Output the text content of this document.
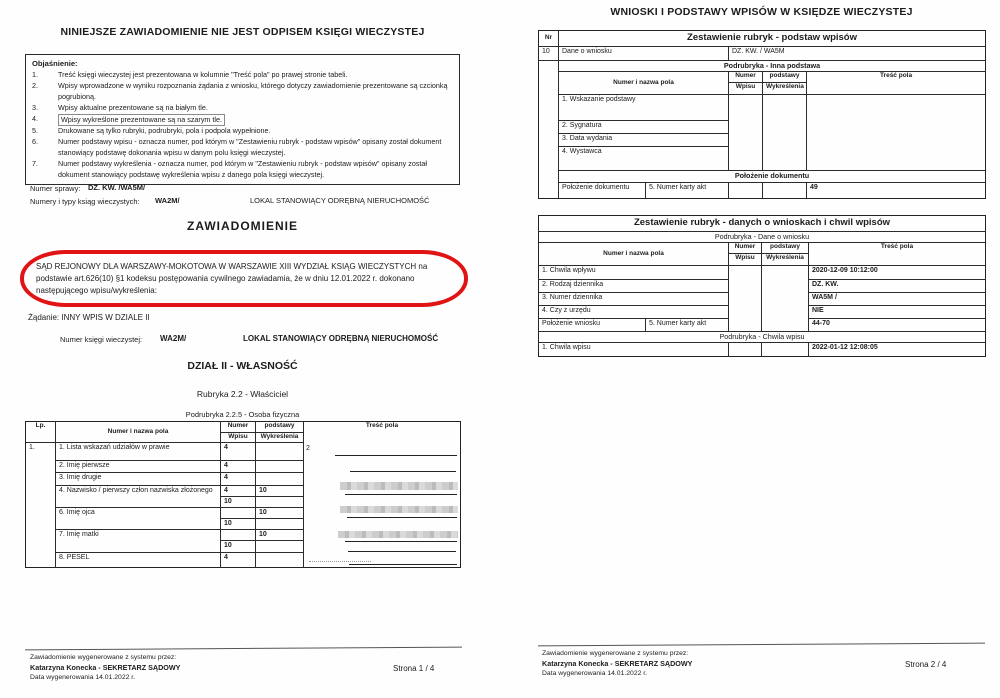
NINIEJSZE ZAWIADOMIENIE NIE JEST ODPISEM KSIĘGI WIECZYSTEJ
Objaśnienie:
1.	Treść księgi wieczystej jest prezentowana w kolumnie "Treść pola" po prawej stronie tabeli.
2.	Wpisy wprowadzone w wyniku rozpoznania żądania z wniosku, którego dotyczy zawiadomienie prezentowane są czcionką pogrubioną.
3.	Wpisy aktualne prezentowane są na białym tle.
4.	Wpisy wykreślone prezentowane są na szarym tle.
5.	Drukowane są tylko rubryki, podrubryki, pola i podpola wypełnione.
6.	Numer podstawy wpisu - oznacza numer, pod którym w "Zestawieniu rubryk - podstaw wpisów" opisany został dokument stanowiący podstawę dokonania wpisu w danym polu księgi wieczystej.
7.	Numer podstawy wykreślenia - oznacza numer, pod którym w "Zestawieniu rubryk - podstaw wpisów" opisany został dokument stanowiący podstawę wykreślenia wpisu z danego pola księgi wieczystej.
Numer sprawy: DZ. KW. /WA5M/
Numery i typy ksiąg wieczystych: WA2M/	LOKAL STANOWIĄCY ODRĘBNĄ NIERUCHOMOŚĆ
ZAWIADOMIENIE
SĄD REJONOWY DLA WARSZAWY-MOKOTOWA W WARSZAWIE XIII WYDZIAŁ KSIĄG WIECZYSTYCH na podstawie art.626(10) §1 kodeksu postępowania cywilnego zawiadamia, że w dniu 12.01.2022 r. dokonano następującego wpisu/wykreślenia:
Żądanie: INNY WPIS W DZIALE II
Numer księgi wieczystej: WA2M/	LOKAL STANOWIĄCY ODRĘBNĄ NIERUCHOMOŚĆ
DZIAŁ II - WŁASNOŚĆ
Rubryka 2.2 - Właściciel
Podrubryka 2.2.5 - Osoba fizyczna
Lp.	Numer i nazwa pola	Numer	podstawy	Treść pola
		Wpisu	Wykreślenia	
1.	1. Lista wskazań udziałów w prawie	4		2

	2. Imię pierwsze	4		
	3. Imię drugie	4		
	4. Nazwisko / pierwszy człon nazwiska złożonego	4	10	
		10		
	6. Imię ojca		10	
		10		
	7. Imię matki		10	
		10		
	8. PESEL	4		
Zawiadomienie wygenerowane z systemu przez:
Katarzyna Konecka - SEKRETARZ SĄDOWY
Data wygenerowania 14.01.2022 r.
Strona 1 / 4
WNIOSKI I PODSTAWY WPISÓW W KSIĘDZE WIECZYSTEJ
Nr	Zestawienie rubryk - podstaw wpisów				
10	Dane o wniosku		DZ. KW. / WA5M		
	Podrubryka - Inna podstawa				
	Numer i nazwa pola		Numer	podstawy	Treść pola
			Wpisu	Wykreślenia	
	1. Wskazanie podstawy				
	2. Sygnatura				
	3. Data wydania				
	4. Wystawca				
	Położenie dokumentu				
	Położenie dokumentu	5. Numer karty akt			49
Zestawienie rubryk - danych o wnioskach i chwil wpisów				
Podrubryka - Dane o wniosku				
Numer i nazwa pola		Numer	podstawy	Treść pola
		Wpisu	Wykreślenia	
1. Chwila wpływu				2020-12-09 10:12:00
2. Rodzaj dziennika				DZ. KW.
3. Numer dziennika				WA5M /
4. Czy z urzędu				NIE
Położenie wniosku	5. Numer karty akt			44-70
Podrubryka - Chwila wpisu				
1. Chwila wpisu				2022-01-12 12:08:05
Zawiadomienie wygenerowane z systemu przez:
Katarzyna Konecka - SEKRETARZ SĄDOWY
Data wygenerowania 14.01.2022 r.
Strona 2 / 4
